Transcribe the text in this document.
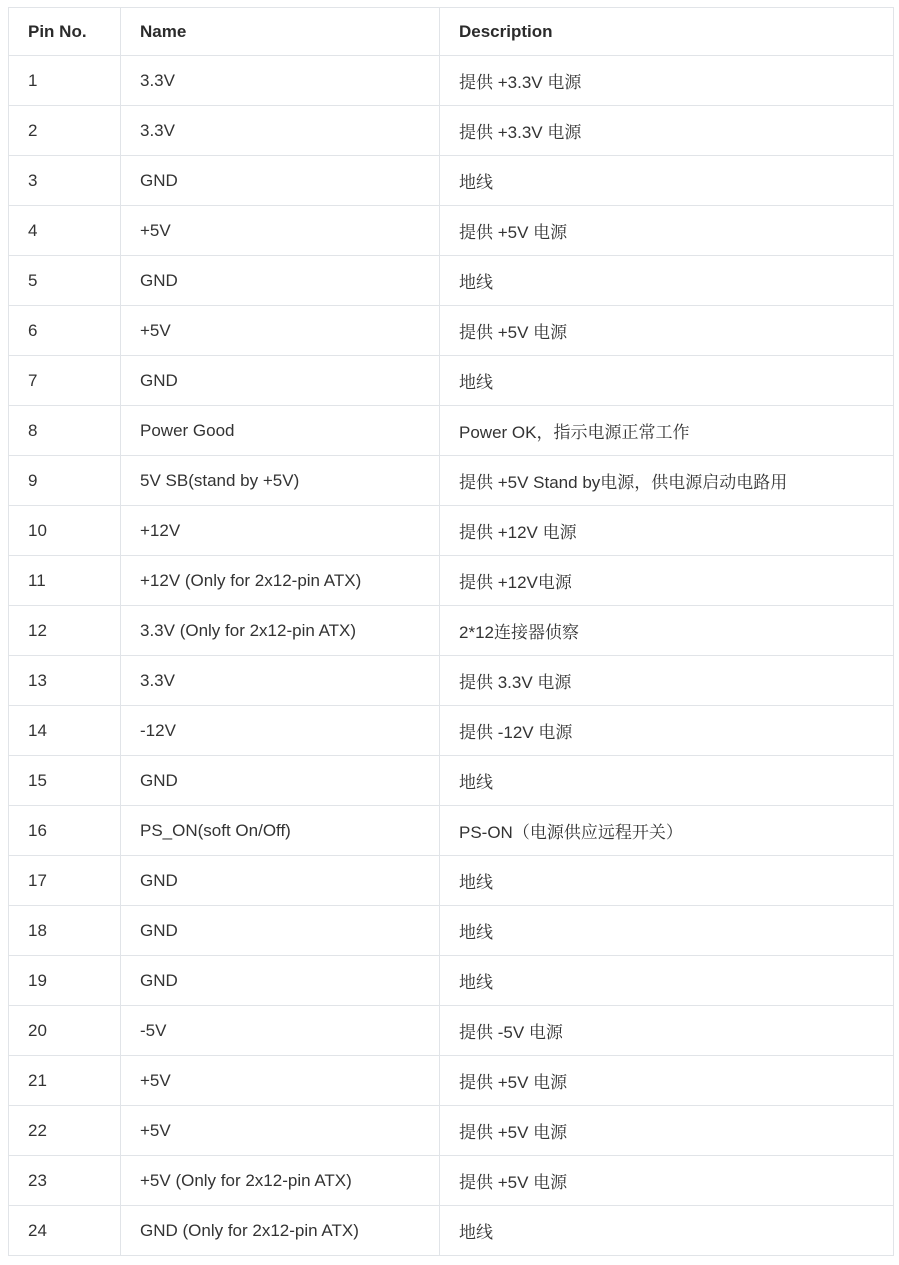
Pin No.	Name	Description
1	3.3V	提供 +3.3V 电源
2	3.3V	提供 +3.3V 电源
3	GND	地线
4	+5V	提供 +5V 电源
5	GND	地线
6	+5V	提供 +5V 电源
7	GND	地线
8	Power Good	Power OK，指示电源正常工作
9	5V SB(stand by +5V)	提供 +5V Stand by电源，供电源启动电路用
10	+12V	提供 +12V 电源
11	+12V (Only for 2x12-pin ATX)	提供 +12V电源
12	3.3V (Only for 2x12-pin ATX)	2*12连接器侦察
13	3.3V	提供 3.3V 电源
14	-12V	提供 -12V 电源
15	GND	地线
16	PS_ON(soft On/Off)	PS-ON（电源供应远程开关）
17	GND	地线
18	GND	地线
19	GND	地线
20	-5V	提供 -5V 电源
21	+5V	提供 +5V 电源
22	+5V	提供 +5V 电源
23	+5V (Only for 2x12-pin ATX)	提供 +5V 电源
24	GND (Only for 2x12-pin ATX)	地线
